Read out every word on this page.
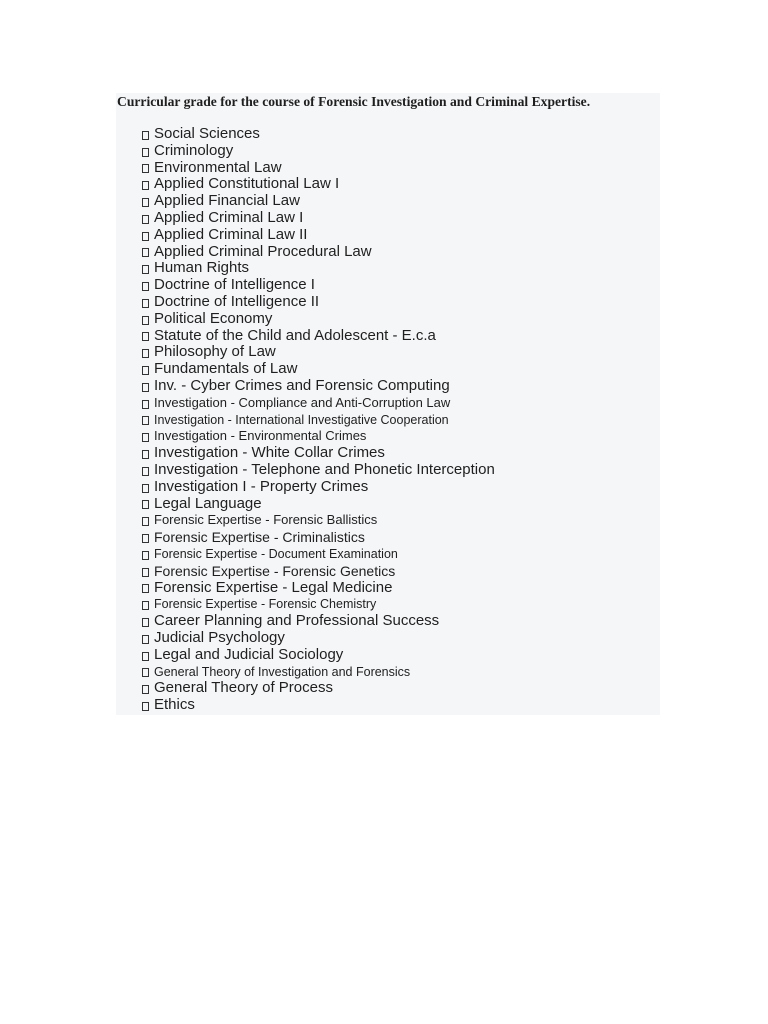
Curricular grade for the course of Forensic Investigation and Criminal Expertise.

Social Sciences
Criminology
Environmental Law
Applied Constitutional Law I
Applied Financial Law
Applied Criminal Law I
Applied Criminal Law II
Applied Criminal Procedural Law
Human Rights
Doctrine of Intelligence I
Doctrine of Intelligence II
Political Economy
Statute of the Child and Adolescent - E.c.a
Philosophy of Law
Fundamentals of Law
Inv. - Cyber Crimes and Forensic Computing
Investigation - Compliance and Anti-Corruption Law
Investigation - International Investigative Cooperation
Investigation - Environmental Crimes
Investigation - White Collar Crimes
Investigation - Telephone and Phonetic Interception
Investigation I - Property Crimes
Legal Language
Forensic Expertise - Forensic Ballistics
Forensic Expertise - Criminalistics
Forensic Expertise - Document Examination
Forensic Expertise - Forensic Genetics
Forensic Expertise - Legal Medicine
Forensic Expertise - Forensic Chemistry
Career Planning and Professional Success
Judicial Psychology
Legal and Judicial Sociology
General Theory of Investigation and Forensics
General Theory of Process
Ethics
